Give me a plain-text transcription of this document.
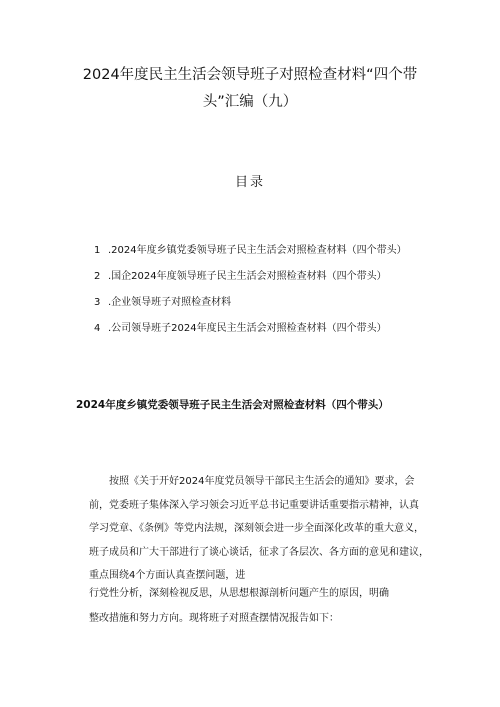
2024年度民主生活会领导班子对照检查材料“四个带
头”汇编（九）
目录
1 .2024年度乡镇党委领导班子民主生活会对照检查材料（四个带头）
2 .国企2024年度领导班子民主生活会对照检查材料（四个带头）
3 .企业领导班子对照检查材料
4 .公司领导班子2024年度民主生活会对照检查材料（四个带头）
2024年度乡镇党委领导班子民主生活会对照检查材料（四个带头）
按照《关于开好2024年度党员领导干部民主生活会的通知》要求，会
前，党委班子集体深入学习领会习近平总书记重要讲话重要指示精神，认真
学习党章、《条例》等党内法规，深刻领会进一步全面深化改革的重大意义，
班子成员和广大干部进行了谈心谈话，征求了各层次、各方面的意见和建议，
重点围绕4个方面认真查摆问题，进
行党性分析，深刻检视反思，从思想根源剖析问题产生的原因，明确
整改措施和努力方向。现将班子对照查摆情况报告如下：
